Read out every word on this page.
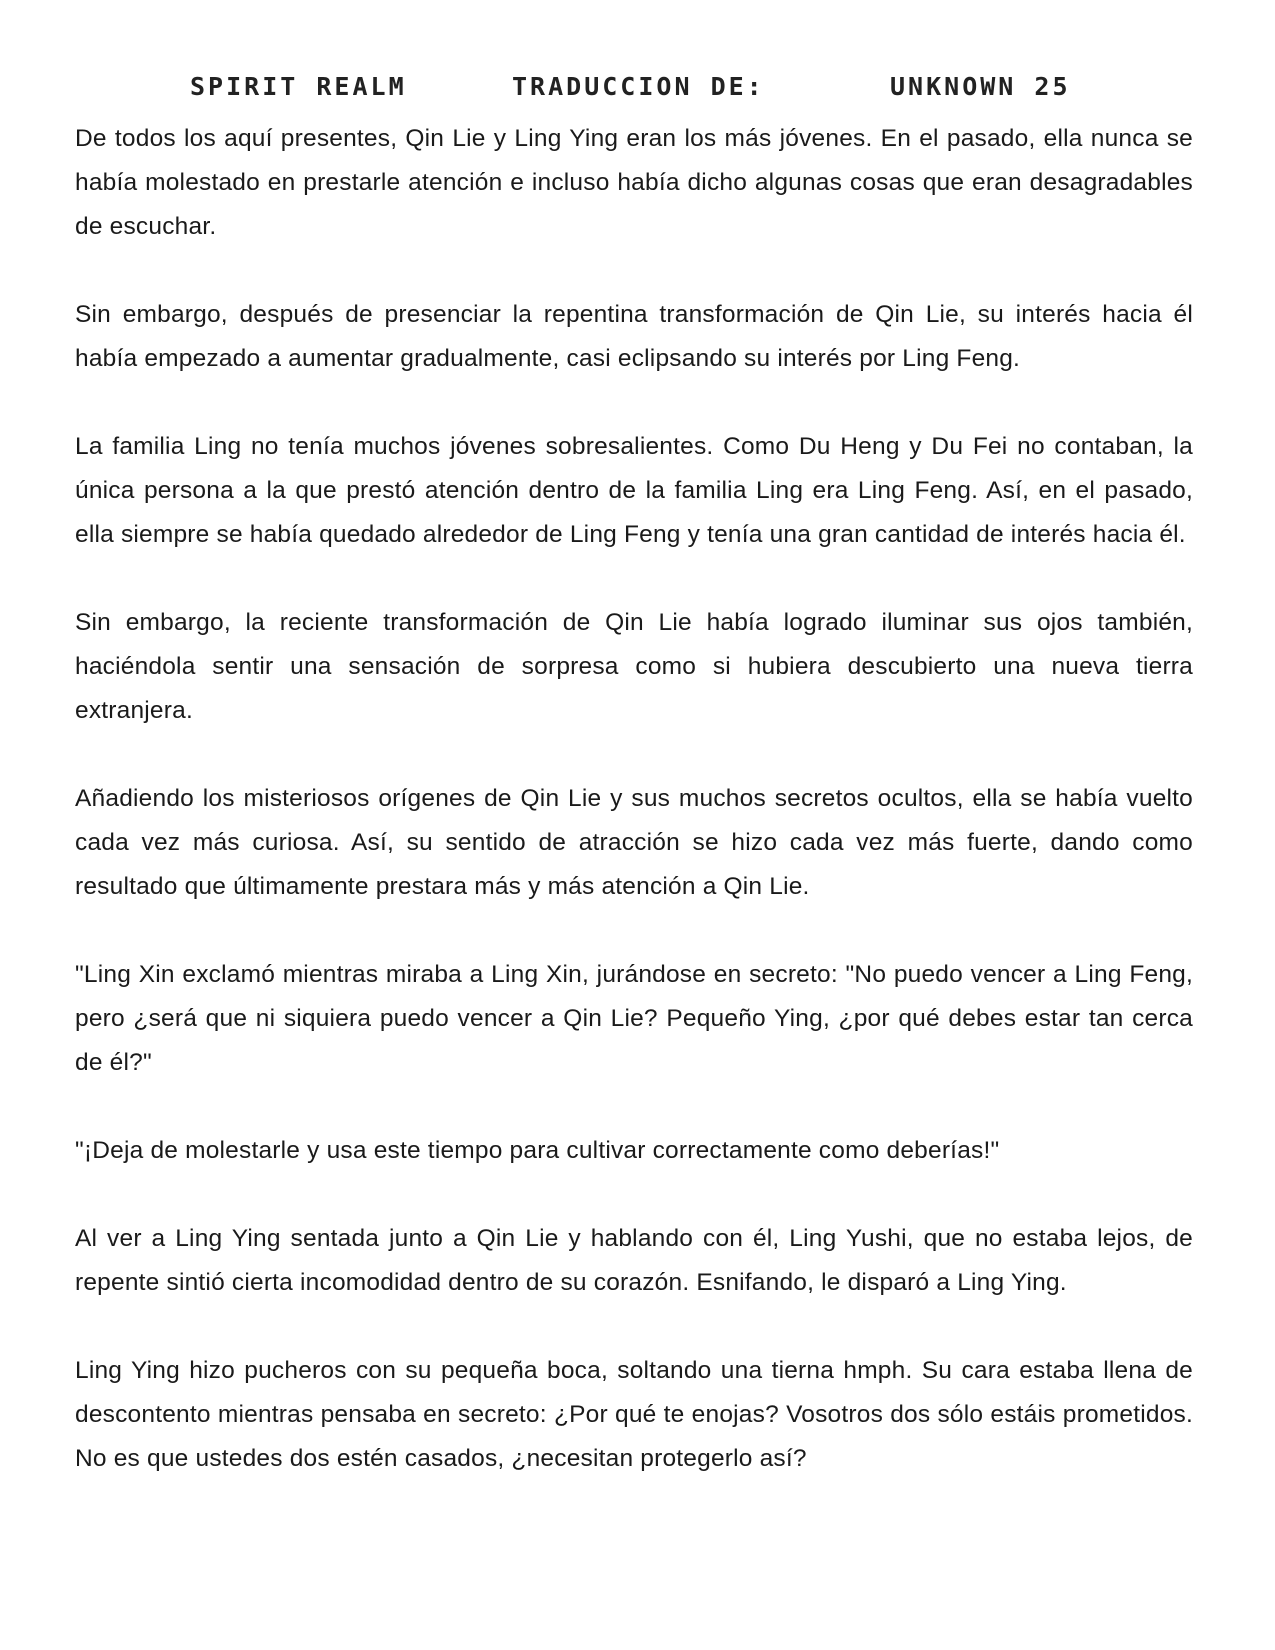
SPIRIT REALM	TRADUCCION DE:	UNKNOWN 25

De todos los aquí presentes, Qin Lie y Ling Ying eran los más jóvenes. En el pasado, ella nunca se había molestado en prestarle atención e incluso había dicho algunas cosas que eran desagradables de escuchar.

Sin embargo, después de presenciar la repentina transformación de Qin Lie, su interés hacia él había empezado a aumentar gradualmente, casi eclipsando su interés por Ling Feng.

La familia Ling no tenía muchos jóvenes sobresalientes. Como Du Heng y Du Fei no contaban, la única persona a la que prestó atención dentro de la familia Ling era Ling Feng. Así, en el pasado, ella siempre se había quedado alrededor de Ling Feng y tenía una gran cantidad de interés hacia él.

Sin embargo, la reciente transformación de Qin Lie había logrado iluminar sus ojos también, haciéndola sentir una sensación de sorpresa como si hubiera descubierto una nueva tierra extranjera.

Añadiendo los misteriosos orígenes de Qin Lie y sus muchos secretos ocultos, ella se había vuelto cada vez más curiosa. Así, su sentido de atracción se hizo cada vez más fuerte, dando como resultado que últimamente prestara más y más atención a Qin Lie.

"Ling Xin exclamó mientras miraba a Ling Xin, jurándose en secreto: "No puedo vencer a Ling Feng, pero ¿será que ni siquiera puedo vencer a Qin Lie? Pequeño Ying, ¿por qué debes estar tan cerca de él?"

"¡Deja de molestarle y usa este tiempo para cultivar correctamente como deberías!"

Al ver a Ling Ying sentada junto a Qin Lie y hablando con él, Ling Yushi, que no estaba lejos, de repente sintió cierta incomodidad dentro de su corazón. Esnifando, le disparó a Ling Ying.

Ling Ying hizo pucheros con su pequeña boca, soltando una tierna hmph. Su cara estaba llena de descontento mientras pensaba en secreto: ¿Por qué te enojas? Vosotros dos sólo estáis prometidos. No es que ustedes dos estén casados, ¿necesitan protegerlo así?
